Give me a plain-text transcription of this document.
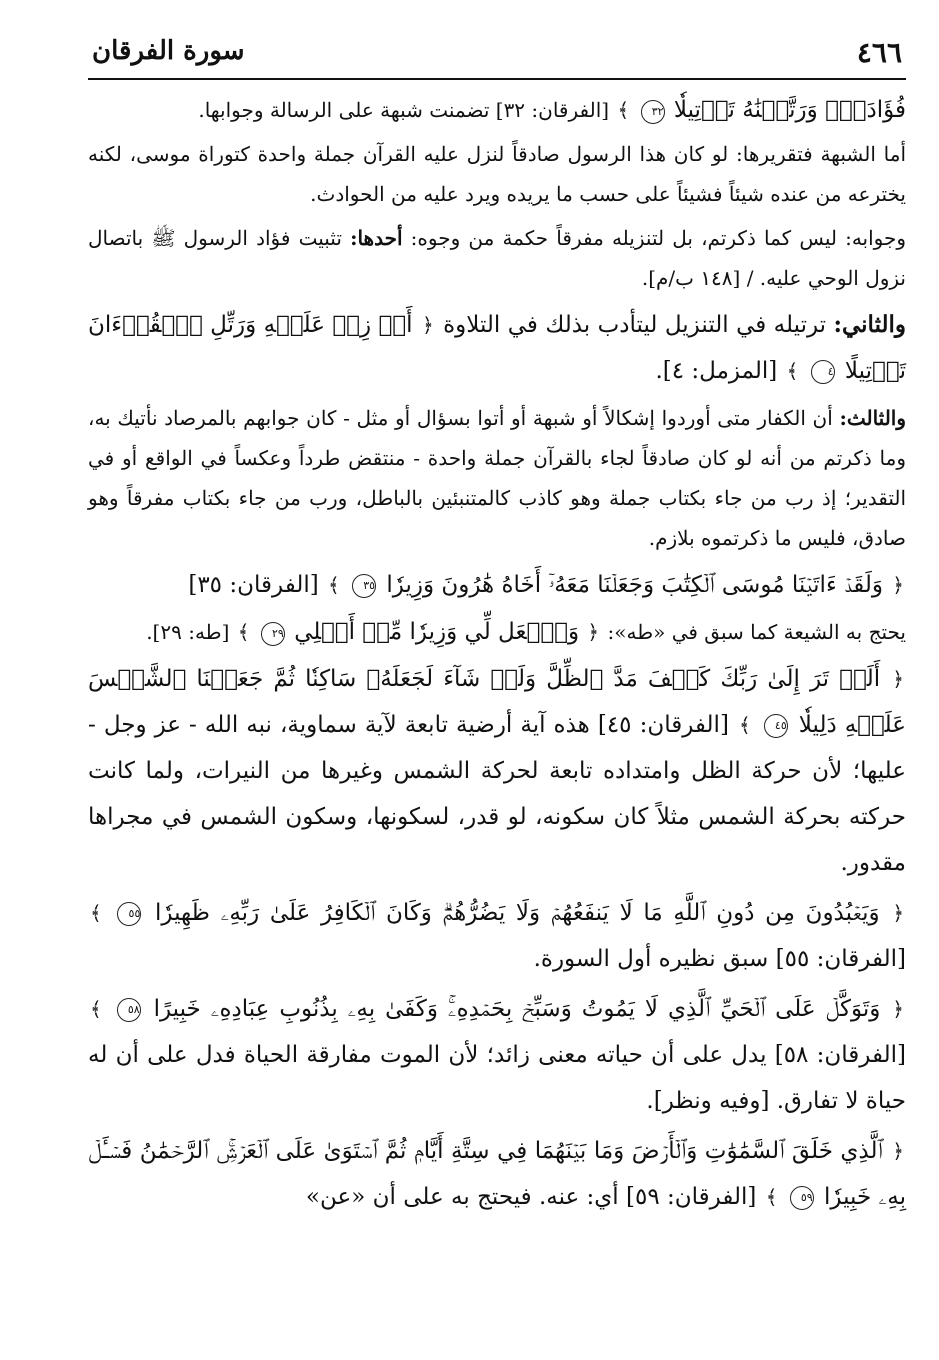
٤٦٦
سورة الفرقان

فُؤَادَكَۖ وَرَتَّلۡنَٰهُ تَرۡتِيلٗا ٣٢ ﴾ [الفرقان: ٣٢] تضمنت شبهة على الرسالة وجوابها.

أما الشبهة فتقريرها: لو كان هذا الرسول صادقاً لنزل عليه القرآن جملة واحدة كتوراة موسى، لكنه يخترعه من عنده شيئاً فشيئاً على حسب ما يريده ويرد عليه من الحوادث.

وجوابه: ليس كما ذكرتم، بل لتنزيله مفرقاً حكمة من وجوه: أحدها: تثبيت فؤاد الرسول ﷺ باتصال نزول الوحي عليه. / [١٤٨ ب/م].

والثاني: ترتيله في التنزيل ليتأدب بذلك في التلاوة ﴿ أَوۡ زِدۡ عَلَيۡهِ وَرَتِّلِ ٱلۡقُرۡءَانَ تَرۡتِيلًا ٤ ﴾ [المزمل: ٤].

والثالث: أن الكفار متى أوردوا إشكالاً أو شبهة أو أتوا بسؤال أو مثل - كان جوابهم بالمرصاد نأتيك به، وما ذكرتم من أنه لو كان صادقاً لجاء بالقرآن جملة واحدة - منتقض طرداً وعكساً في الواقع أو في التقدير؛ إذ رب من جاء بكتاب جملة وهو كاذب كالمتنبئين بالباطل، ورب من جاء بكتاب مفرقاً وهو صادق، فليس ما ذكرتموه بلازم.

﴿ وَلَقَدۡ ءَاتَيۡنَا مُوسَى ٱلۡكِتَٰبَ وَجَعَلۡنَا مَعَهُۥٓ أَخَاهُ هَٰرُونَ وَزِيرٗا ٣٥ ﴾ [الفرقان: ٣٥]

يحتج به الشيعة كما سبق في «طه»: ﴿ وَٱجۡعَل لِّي وَزِيرٗا مِّنۡ أَهۡلِي ٢٩ ﴾ [طه: ٢٩].

﴿ أَلَمۡ تَرَ إِلَىٰ رَبِّكَ كَيۡفَ مَدَّ ٱلظِّلَّ وَلَوۡ شَآءَ لَجَعَلَهُۥ سَاكِنٗا ثُمَّ جَعَلۡنَا ٱلشَّمۡسَ عَلَيۡهِ دَلِيلٗا ٤٥ ﴾ [الفرقان: ٤٥] هذه آية أرضية تابعة لآية سماوية، نبه الله - عز وجل - عليها؛ لأن حركة الظل وامتداده تابعة لحركة الشمس وغيرها من النيرات، ولما كانت حركته بحركة الشمس مثلاً كان سكونه، لو قدر، لسكونها، وسكون الشمس في مجراها مقدور.

﴿ وَيَعۡبُدُونَ مِن دُونِ ٱللَّهِ مَا لَا يَنفَعُهُمۡ وَلَا يَضُرُّهُمۡۗ وَكَانَ ٱلۡكَافِرُ عَلَىٰ رَبِّهِۦ ظَهِيرٗا ٥٥ ﴾ [الفرقان: ٥٥] سبق نظيره أول السورة.

﴿ وَتَوَكَّلۡ عَلَى ٱلۡحَيِّ ٱلَّذِي لَا يَمُوتُ وَسَبِّحۡ بِحَمۡدِهِۦۚ وَكَفَىٰ بِهِۦ بِذُنُوبِ عِبَادِهِۦ خَبِيرًا ٥٨ ﴾ [الفرقان: ٥٨] يدل على أن حياته معنى زائد؛ لأن الموت مفارقة الحياة فدل على أن له حياة لا تفارق. [وفيه ونظر].

﴿ ٱلَّذِي خَلَقَ ٱلسَّمَٰوَٰتِ وَٱلۡأَرۡضَ وَمَا بَيۡنَهُمَا فِي سِتَّةِ أَيَّامٖ ثُمَّ ٱسۡتَوَىٰ عَلَى ٱلۡعَرۡشِۚ ٱلرَّحۡمَٰنُ فَسۡـَٔلۡ بِهِۦ خَبِيرٗا ٥٩ ﴾ [الفرقان: ٥٩] أي: عنه. فيحتج به على أن «عن»
